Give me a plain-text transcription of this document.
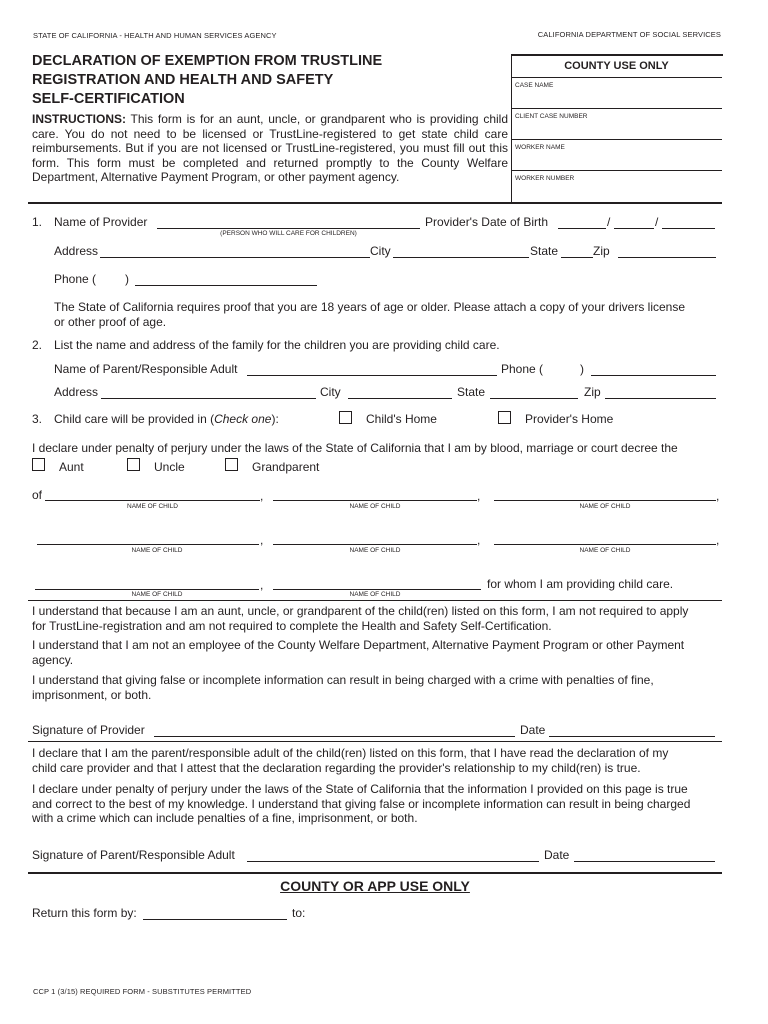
STATE OF CALIFORNIA - HEALTH AND HUMAN SERVICES AGENCY	CALIFORNIA DEPARTMENT OF SOCIAL SERVICES
DECLARATION OF EXEMPTION FROM TRUSTLINE
REGISTRATION AND HEALTH AND SAFETY
SELF-CERTIFICATION
INSTRUCTIONS: This form is for an aunt, uncle, or grandparent who is providing child
care. You do not need to be licensed or TrustLine-registered to get state child care
reimbursements. But if you are not licensed or TrustLine-registered, you must fill out this
form. This form must be completed and returned promptly to the County Welfare
Department, Alternative Payment Program, or other payment agency.
COUNTY USE ONLY
CASE NAME
CLIENT CASE NUMBER
WORKER NAME
WORKER NUMBER
1. Name of Provider
(PERSON WHO WILL CARE FOR CHILDREN)
Provider's Date of Birth	/	/
Address	City	State	Zip
Phone ( )
The State of California requires proof that you are 18 years of age or older. Please attach a copy of your drivers license
or other proof of age.
2. List the name and address of the family for the children you are providing child care.
Name of Parent/Responsible Adult	Phone (	)
Address	City	State	Zip
3. Child care will be provided in (Check one):	Child's Home	Provider's Home
I declare under penalty of perjury under the laws of the State of California that I am by blood, marriage or court decree the
Aunt	Uncle	Grandparent
of
NAME OF CHILD
,
NAME OF CHILD
,
NAME OF CHILD
,
NAME OF CHILD
,
NAME OF CHILD
,
NAME OF CHILD
,
NAME OF CHILD
,
NAME OF CHILD
for whom I am providing child care.
I understand that because I am an aunt, uncle, or grandparent of the child(ren) listed on this form, I am not required to apply
for TrustLine-registration and am not required to complete the Health and Safety Self-Certification.
I understand that I am not an employee of the County Welfare Department, Alternative Payment Program or other Payment
agency.
I understand that giving false or incomplete information can result in being charged with a crime with penalties of fine,
imprisonment, or both.
Signature of Provider	Date
I declare that I am the parent/responsible adult of the child(ren) listed on this form, that I have read the declaration of my
child care provider and that I attest that the declaration regarding the provider's relationship to my child(ren) is true.
I declare under penalty of perjury under the laws of the State of California that the information I provided on this page is true
and correct to the best of my knowledge. I understand that giving false or incomplete information can result in being charged
with a crime which can include penalties of a fine, imprisonment, or both.
Signature of Parent/Responsible Adult	Date
COUNTY OR APP USE ONLY
Return this form by:	to:
CCP 1 (3/15) REQUIRED FORM - SUBSTITUTES PERMITTED
